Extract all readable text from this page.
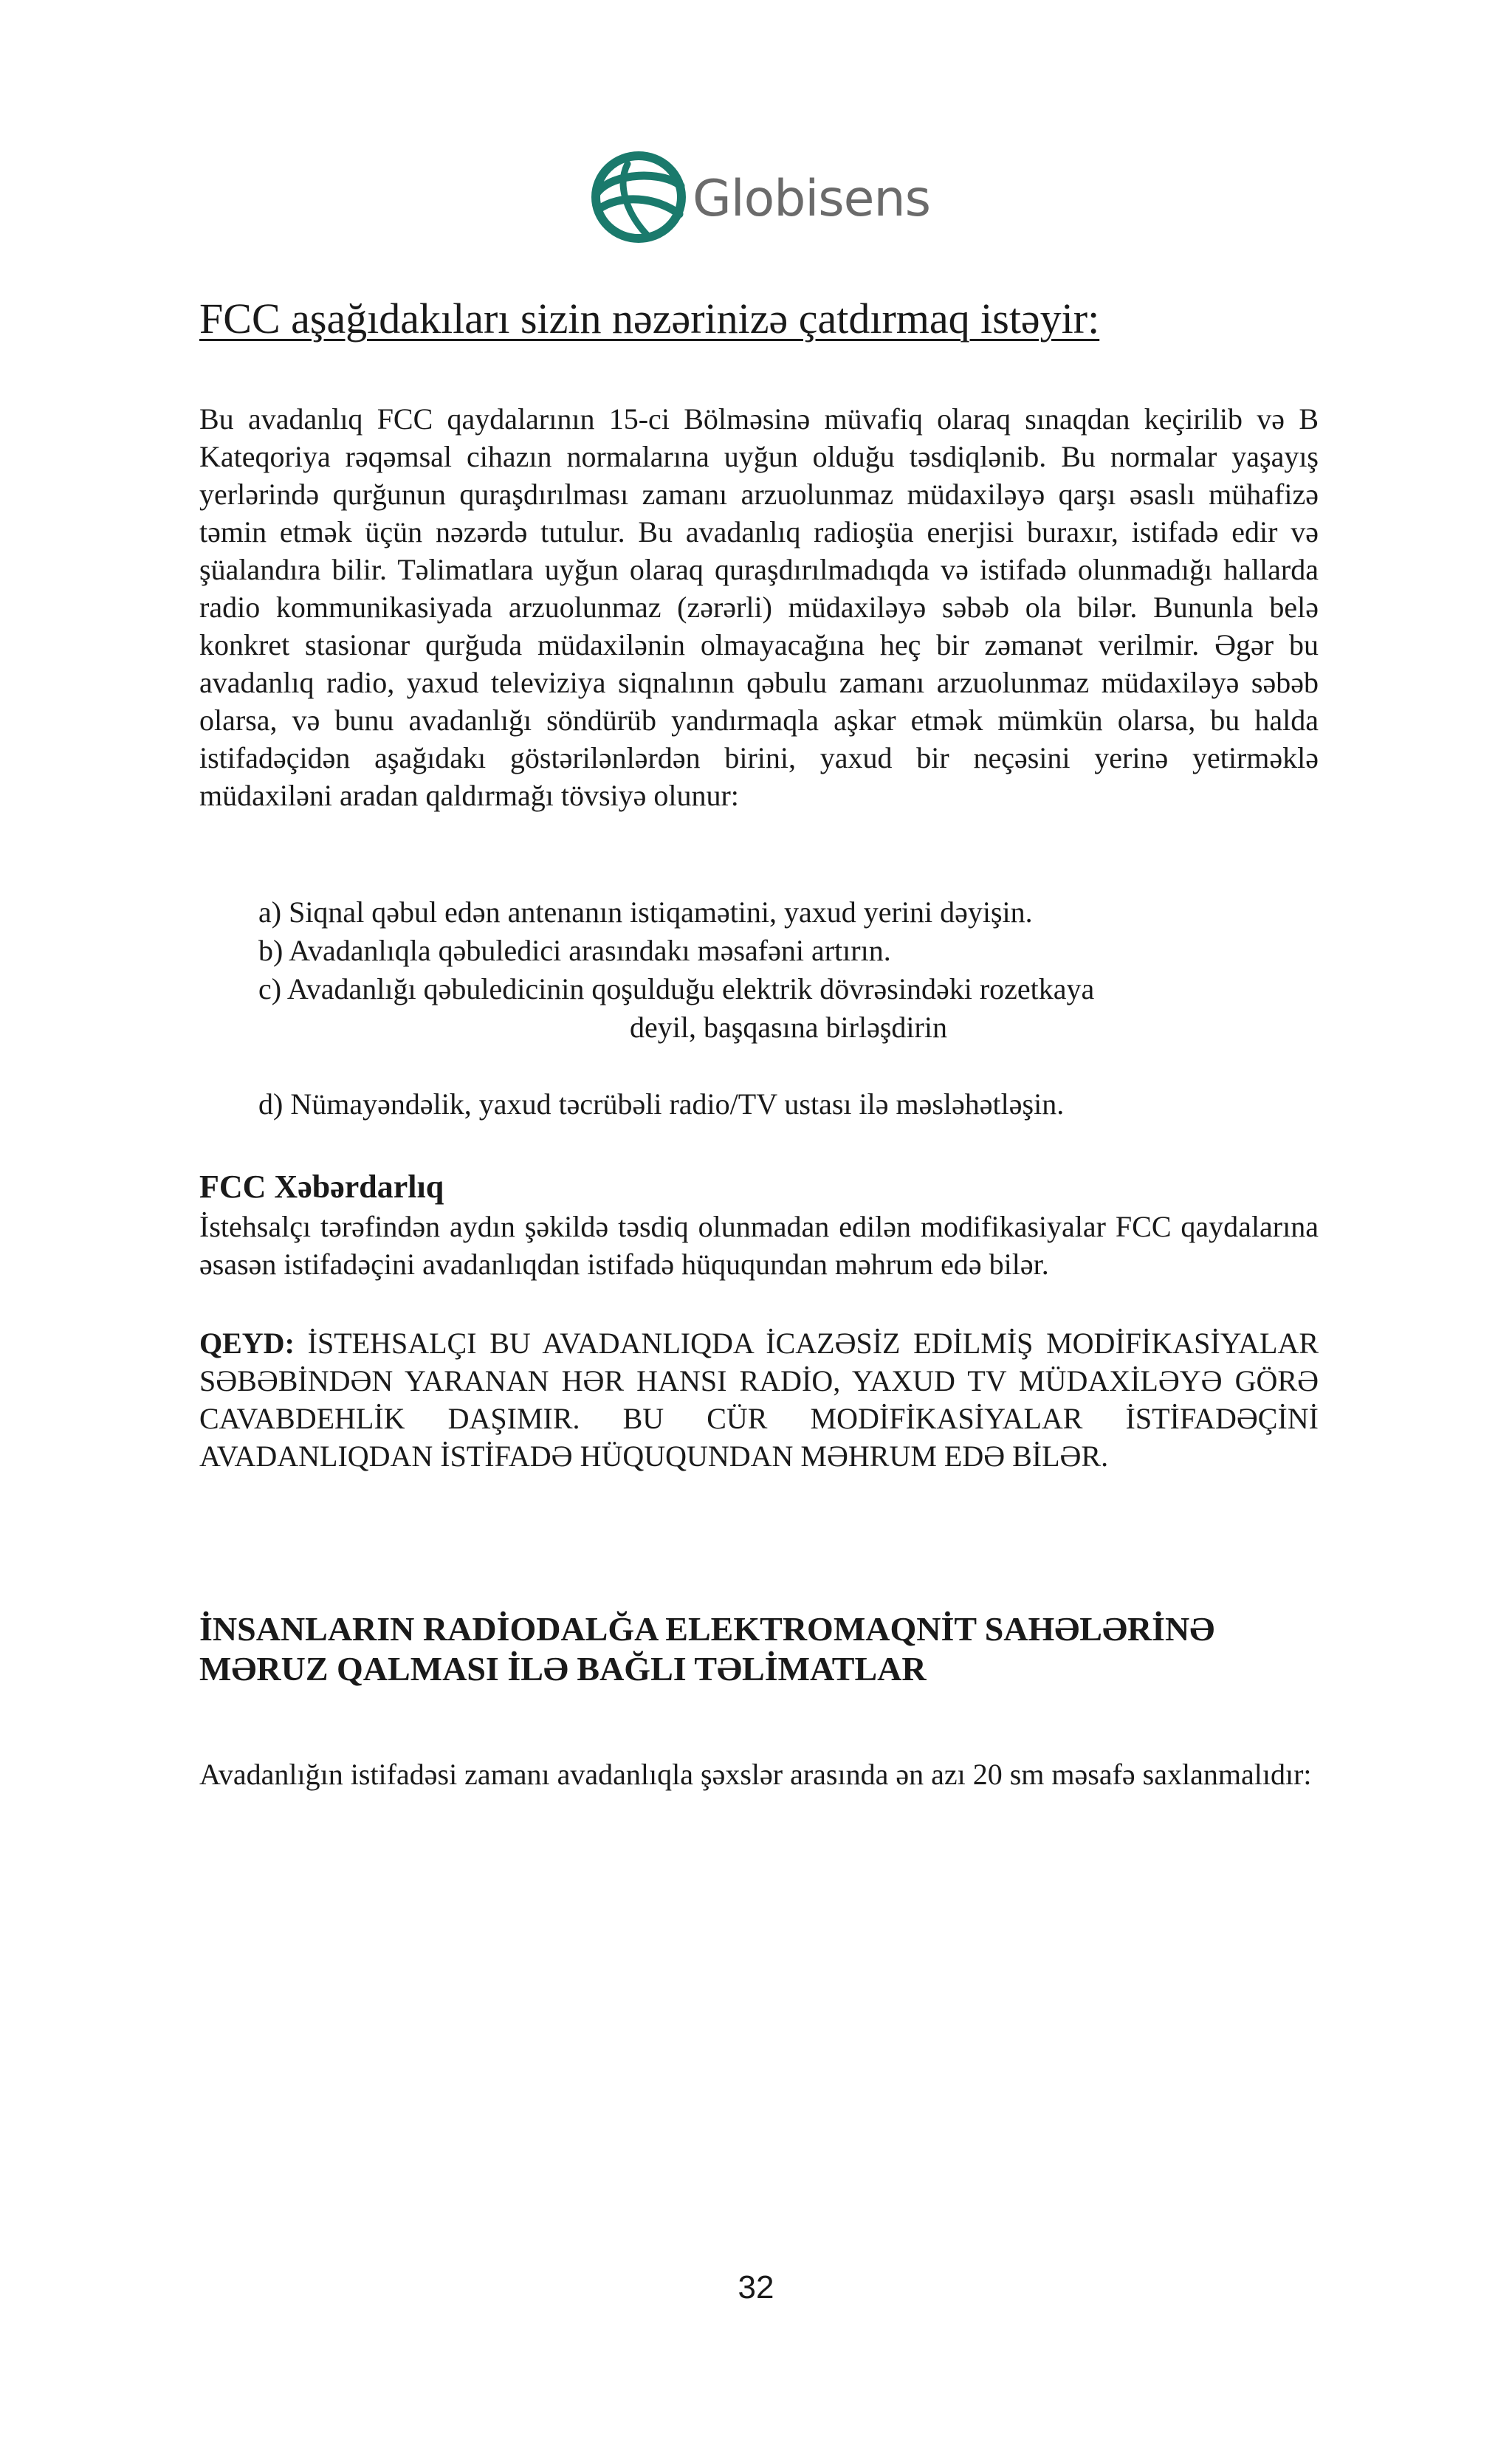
Globisens
FCC aşağıdakıları sizin nəzərinizə çatdırmaq istəyir:

Bu avadanlıq FCC qaydalarının 15-ci Bölməsinə müvafiq olaraq sınaqdan keçirilib və B Kateqoriya rəqəmsal cihazın normalarına uyğun olduğu təsdiqlənib. Bu normalar yaşayış yerlərində qurğunun quraşdırılması zamanı arzuolunmaz müdaxiləyə qarşı əsaslı mühafizə təmin etmək üçün nəzərdə tutulur. Bu avadanlıq radioşüa enerjisi buraxır, istifadə edir və şüalandıra bilir. Təlimatlara uyğun olaraq quraşdırılmadıqda və istifadə olunmadığı hallarda radio kommunikasiyada arzuolunmaz (zərərli) müdaxiləyə səbəb ola bilər. Bununla belə konkret stasionar qurğuda müdaxilənin olmayacağına heç bir zəmanət verilmir. Əgər bu avadanlıq radio, yaxud televiziya siqnalının qəbulu zamanı arzuolunmaz müdaxiləyə səbəb olarsa, və bunu avadanlığı söndürüb yandırmaqla aşkar etmək mümkün olarsa, bu halda istifadəçidən aşağıdakı göstərilənlərdən birini, yaxud bir neçəsini yerinə yetirməklə müdaxiləni aradan qaldırmağı tövsiyə olunur:

a) Siqnal qəbul edən antenanın istiqamətini, yaxud yerini dəyişin.
b) Avadanlıqla qəbuledici arasındakı məsafəni artırın.
c) Avadanlığı qəbuledicinin qoşulduğu elektrik dövrəsindəki rozetkaya
deyil, başqasına birləşdirin
d) Nümayəndəlik, yaxud təcrübəli radio/TV ustası ilə məsləhətləşin.
FCC Xəbərdarlıq

İstehsalçı tərəfindən aydın şəkildə təsdiq olunmadan edilən modifikasiyalar FCC qaydalarına əsasən istifadəçini avadanlıqdan istifadə hüququndan məhrum edə bilər.

QEYD: İSTEHSALÇI BU AVADANLIQDA İCAZƏSİZ EDİLMİŞ MODİFİKASİYALAR SƏBƏBİNDƏN YARANAN HƏR HANSI RADİO, YAXUD TV MÜDAXİLƏYƏ GÖRƏ CAVABDEHLİK DAŞIMIR. BU CÜR MODİFİKASİYALAR İSTİFADƏÇİNİ AVADANLIQDAN İSTİFADƏ HÜQUQUNDAN MƏHRUM EDƏ BİLƏR.

İNSANLARIN RADİODALĞA ELEKTROMAQNİT SAHƏLƏRİNƏ MƏRUZ QALMASI İLƏ BAĞLI TƏLİMATLAR

Avadanlığın istifadəsi zamanı avadanlıqla şəxslər arasında ən azı 20 sm məsafə saxlanmalıdır:

32
